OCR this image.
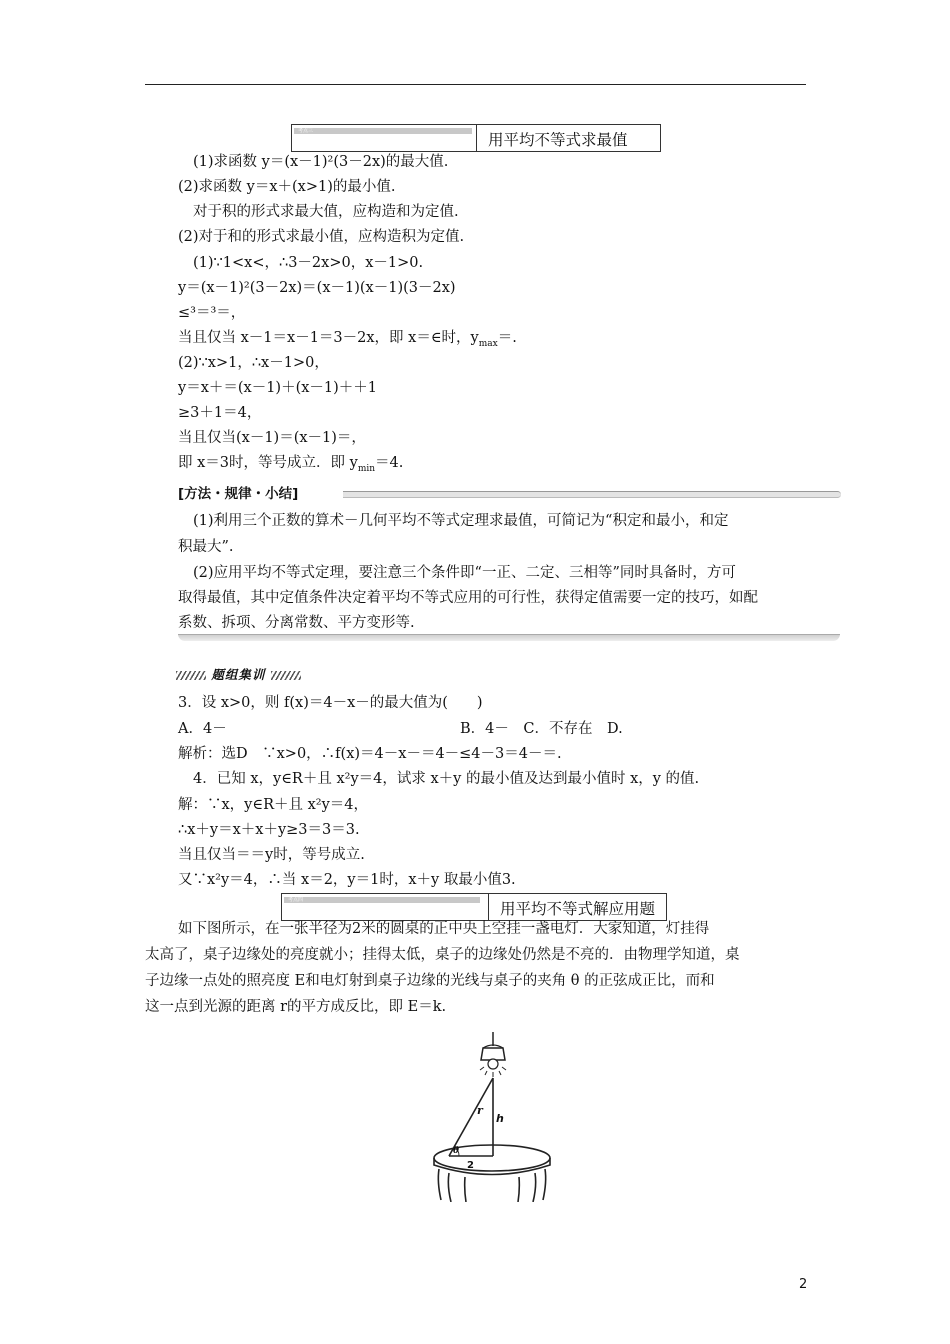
考点三	用平均不等式求最值
(1)求函数 y＝(x－1)²(3－2x)的最大值.
(2)求函数 y＝x＋(x>1)的最小值.
对于积的形式求最大值，应构造和为定值.
(2)对于和的形式求最小值，应构造积为定值.
(1)∵1<x<，∴3－2x>0，x－1>0.
y＝(x－1)²(3－2x)＝(x－1)(x－1)(3－2x)
≤³＝³＝，
当且仅当 x－1＝x－1＝3－2x，即 x＝∈时，$y_{max}=$.
(2)∵x>1，∴x－1>0，
y＝x＋＝(x－1)＋(x－1)＋＋1
≥3＋1＝4，
当且仅当(x－1)＝(x－1)＝，
即 x＝3时，等号成立．即 $y_{min}=4$.
[方法・规律・小结]
(1)利用三个正数的算术－几何平均不等式定理求最值，可简记为“积定和最小，和定
积最大”.
(2)应用平均不等式定理，要注意三个条件即“一正、二定、三相等”同时具备时，方可
取得最值，其中定值条件决定着平均不等式应用的可行性，获得定值需要一定的技巧，如配
系数、拆项、分离常数、平方变形等.
题组集训
3．设 x>0，则 f(x)＝4－x－的最大值为(　　)
A．4－	B．4－　C．不存在　D.
解析：选D　∵x>0，∴f(x)＝4－x－＝4－≤4－3＝4－＝.
4．已知 x，y∈R＋且 x²y＝4，试求 x＋y 的最小值及达到最小值时 x，y 的值.
解：∵x，y∈R＋且 x²y＝4，
∴x＋y＝x＋x＋y≥3＝3＝3.
当且仅当＝＝y时，等号成立.
又∵x²y＝4，∴当 x＝2，y＝1时，x＋y 取最小值3.
考点四	用平均不等式解应用题
如下图所示，在一张半径为2米的圆桌的正中央上空挂一盏电灯．大家知道，灯挂得
太高了，桌子边缘处的亮度就小；挂得太低，桌子的边缘处仍然是不亮的．由物理学知道，桌
子边缘一点处的照亮度 E和电灯射到桌子边缘的光线与桌子的夹角 θ 的正弦成正比，而和
这一点到光源的距离 r的平方成反比，即 E＝k.
r
h
θ
2
2
